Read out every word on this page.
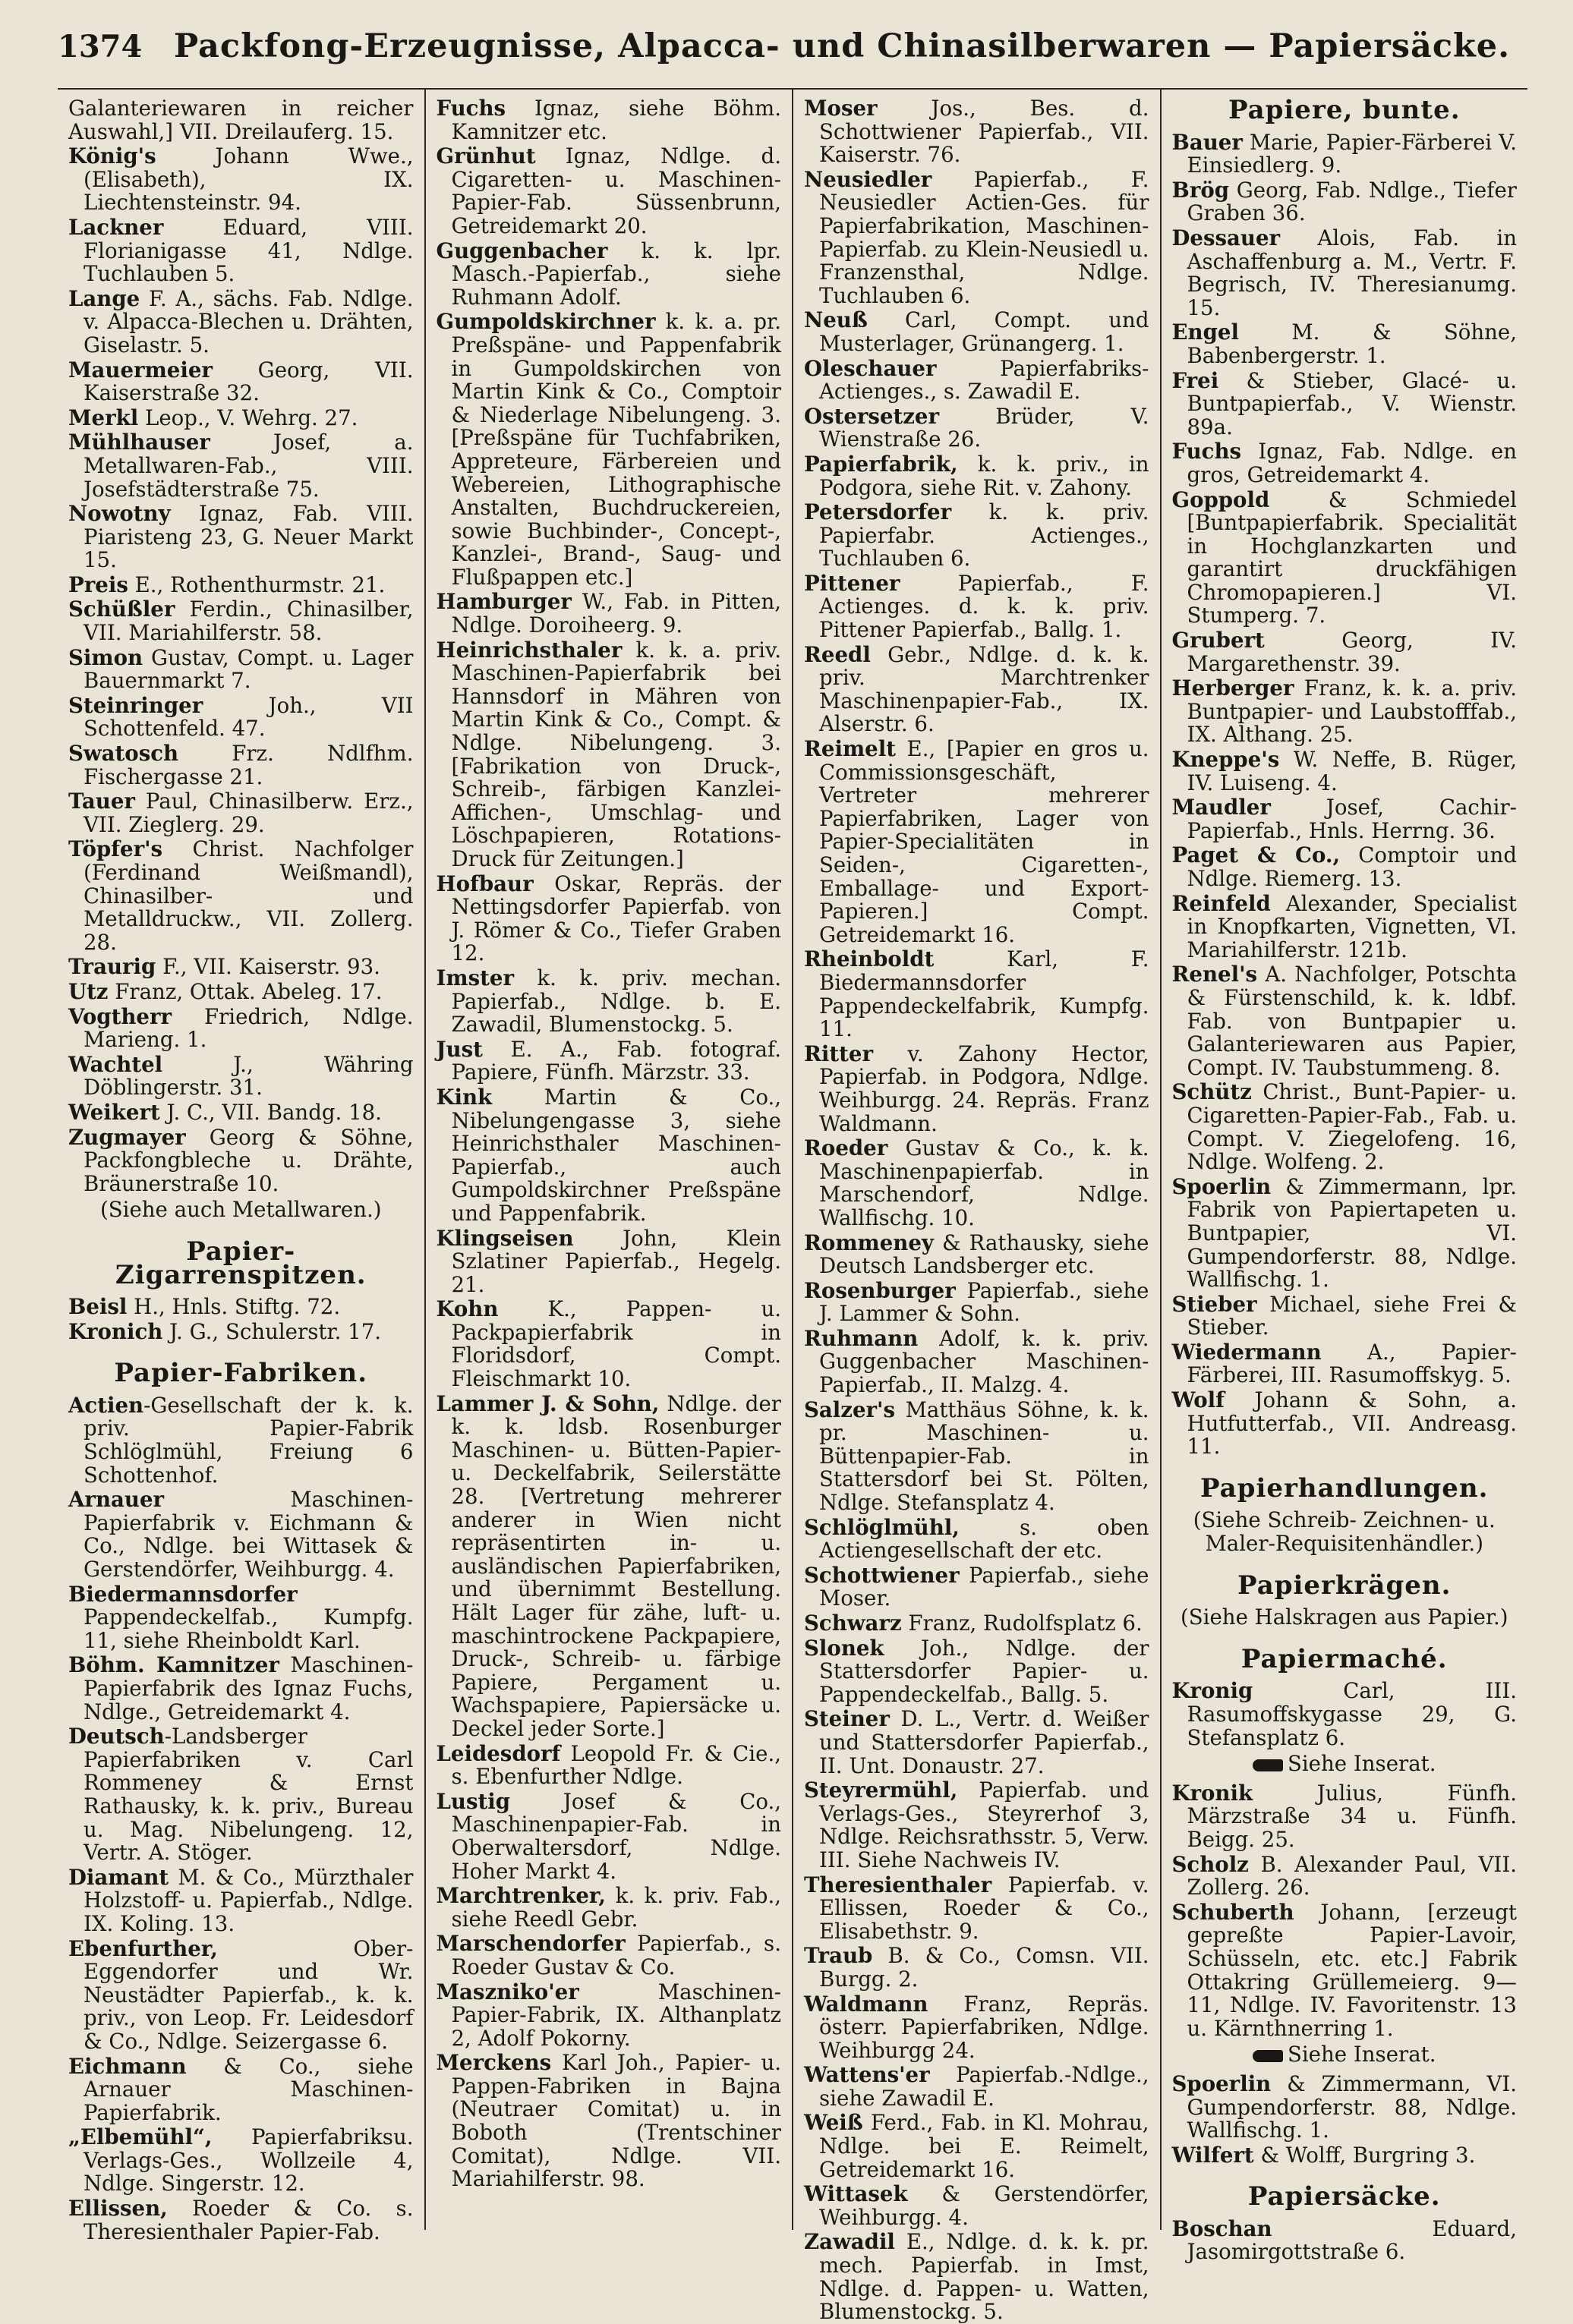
1374 Packfong-Erzeugnisse, Alpacca- und Chinasilberwaren — Papiersäcke.
Galanteriewaren in reicher Auswahl,] VII. Dreilauferg. 15.
König's Johann Wwe., (Elisabeth), IX. Liechtensteinstr. 94.
Lackner Eduard, VIII. Florianigasse 41, Ndlge. Tuchlauben 5.
Lange F. A., sächs. Fab. Ndlge. v. Alpacca-Blechen u. Drähten, Giselastr. 5.
Mauermeier Georg, VII. Kaiserstraße 32.
Merkl Leop., V. Wehrg. 27.
Mühlhauser Josef, a. Metallwaren-Fab., VIII. Josefstädterstraße 75.
Nowotny Ignaz, Fab. VIII. Piaristeng 23, G. Neuer Markt 15.
Preis E., Rothenthurmstr. 21.
Schüßler Ferdin., Chinasilber, VII. Mariahilferstr. 58.
Simon Gustav, Compt. u. Lager Bauernmarkt 7.
Steinringer Joh., VII Schottenfeld. 47.
Swatosch Frz. Ndlfhm. Fischergasse 21.
Tauer Paul, Chinasilberw. Erz., VII. Zieglerg. 29.
Töpfer's Christ. Nachfolger (Ferdinand Weißmandl), Chinasilber- und Metalldruckw., VII. Zollerg. 28.
Traurig F., VII. Kaiserstr. 93.
Utz Franz, Ottak. Abeleg. 17.
Vogtherr Friedrich, Ndlge. Marieng. 1.
Wachtel J., Währing Döblingerstr. 31.
Weikert J. C., VII. Bandg. 18.
Zugmayer Georg & Söhne, Packfongbleche u. Drähte, Bräunerstraße 10.
(Siehe auch Metallwaren.)
Papier-Zigarrenspitzen.
Beisl H., Hnls. Stiftg. 72.
Kronich J. G., Schulerstr. 17.
Papier-Fabriken.
Actien-Gesellschaft der k. k. priv. Papier-Fabrik Schlöglmühl, Freiung 6 Schottenhof.
Arnauer Maschinen-Papierfabrik v. Eichmann & Co., Ndlge. bei Wittasek & Gerstendörfer, Weihburgg. 4.
Biedermannsdorfer Pappendeckelfab., Kumpfg. 11, siehe Rheinboldt Karl.
Böhm. Kamnitzer Maschinen-Papierfabrik des Ignaz Fuchs, Ndlge., Getreidemarkt 4.
Deutsch-Landsberger Papierfabriken v. Carl Rommeney & Ernst Rathausky, k. k. priv., Bureau u. Mag. Nibelungeng. 12, Vertr. A. Stöger.
Diamant M. & Co., Mürzthaler Holzstoff- u. Papierfab., Ndlge. IX. Koling. 13.
Ebenfurther, Ober-Eggendorfer und Wr. Neustädter Papierfab., k. k. priv., von Leop. Fr. Leidesdorf & Co., Ndlge. Seizergasse 6.
Eichmann & Co., siehe Arnauer Maschinen-Papierfabrik.
„Elbemühl“, Papierfabriksu. Verlags-Ges., Wollzeile 4, Ndlge. Singerstr. 12.
Ellissen, Roeder & Co. s. Theresienthaler Papier-Fab.
Fuchs Ignaz, siehe Böhm. Kamnitzer etc.
Grünhut Ignaz, Ndlge. d. Cigaretten- u. Maschinen-Papier-Fab. Süssenbrunn, Getreidemarkt 20.
Guggenbacher k. k. lpr. Masch.-Papierfab., siehe Ruhmann Adolf.
Gumpoldskirchner k. k. a. pr. Preßspäne- und Pappenfabrik in Gumpoldskirchen von Martin Kink & Co., Comptoir & Niederlage Nibelungeng. 3. [Preßspäne für Tuchfabriken, Appreteure, Färbereien und Webereien, Lithographische Anstalten, Buchdruckereien, sowie Buchbinder-, Concept-, Kanzlei-, Brand-, Saug- und Flußpappen etc.]
Hamburger W., Fab. in Pitten, Ndlge. Doroiheerg. 9.
Heinrichsthaler k. k. a. priv. Maschinen-Papierfabrik bei Hannsdorf in Mähren von Martin Kink & Co., Compt. & Ndlge. Nibelungeng. 3. [Fabrikation von Druck-, Schreib-, färbigen Kanzlei-Affichen-, Umschlag- und Löschpapieren, Rotations-Druck für Zeitungen.]
Hofbaur Oskar, Repräs. der Nettingsdorfer Papierfab. von J. Römer & Co., Tiefer Graben 12.
Imster k. k. priv. mechan. Papierfab., Ndlge. b. E. Zawadil, Blumenstockg. 5.
Just E. A., Fab. fotograf. Papiere, Fünfh. Märzstr. 33.
Kink Martin & Co., Nibelungengasse 3, siehe Heinrichsthaler Maschinen-Papierfab., auch Gumpoldskirchner Preßspäne und Pappenfabrik.
Klingseisen John, Klein Szlatiner Papierfab., Hegelg. 21.
Kohn K., Pappen- u. Packpapierfabrik in Floridsdorf, Compt. Fleischmarkt 10.
Lammer J. & Sohn, Ndlge. der k. k. ldsb. Rosenburger Maschinen- u. Bütten-Papier- u. Deckelfabrik, Seilerstätte 28. [Vertretung mehrerer anderer in Wien nicht repräsentirten in- u. ausländischen Papierfabriken, und übernimmt Bestellung. Hält Lager für zähe, luft- u. maschintrockene Packpapiere, Druck-, Schreib- u. färbige Papiere, Pergament u. Wachspapiere, Papiersäcke u. Deckel jeder Sorte.]
Leidesdorf Leopold Fr. & Cie., s. Ebenfurther Ndlge.
Lustig Josef & Co., Maschinenpapier-Fab. in Oberwaltersdorf, Ndlge. Hoher Markt 4.
Marchtrenker, k. k. priv. Fab., siehe Reedl Gebr.
Marschendorfer Papierfab., s. Roeder Gustav & Co.
Maszniko'er Maschinen-Papier-Fabrik, IX. Althanplatz 2, Adolf Pokorny.
Merckens Karl Joh., Papier- u. Pappen-Fabriken in Bajna (Neutraer Comitat) u. in Boboth (Trentschiner Comitat), Ndlge. VII. Mariahilferstr. 98.
Moser Jos., Bes. d. Schottwiener Papierfab., VII. Kaiserstr. 76.
Neusiedler Papierfab., F. Neusiedler Actien-Ges. für Papierfabrikation, Maschinen-Papierfab. zu Klein-Neusiedl u. Franzensthal, Ndlge. Tuchlauben 6.
Neuß Carl, Compt. und Musterlager, Grünangerg. 1.
Oleschauer Papierfabriks-Actienges., s. Zawadil E.
Ostersetzer Brüder, V. Wienstraße 26.
Papierfabrik, k. k. priv., in Podgora, siehe Rit. v. Zahony.
Petersdorfer k. k. priv. Papierfabr. Actienges., Tuchlauben 6.
Pittener Papierfab., F. Actienges. d. k. k. priv. Pittener Papierfab., Ballg. 1.
Reedl Gebr., Ndlge. d. k. k. priv. Marchtrenker Maschinenpapier-Fab., IX. Alserstr. 6.
Reimelt E., [Papier en gros u. Commissionsgeschäft, Vertreter mehrerer Papierfabriken, Lager von Papier-Specialitäten in Seiden-, Cigaretten-, Emballage- und Export-Papieren.] Compt. Getreidemarkt 16.
Rheinboldt Karl, F. Biedermannsdorfer Pappendeckelfabrik, Kumpfg. 11.
Ritter v. Zahony Hector, Papierfab. in Podgora, Ndlge. Weihburgg. 24. Repräs. Franz Waldmann.
Roeder Gustav & Co., k. k. Maschinenpapierfab. in Marschendorf, Ndlge. Wallfischg. 10.
Rommeney & Rathausky, siehe Deutsch Landsberger etc.
Rosenburger Papierfab., siehe J. Lammer & Sohn.
Ruhmann Adolf, k. k. priv. Guggenbacher Maschinen-Papierfab., II. Malzg. 4.
Salzer's Matthäus Söhne, k. k. pr. Maschinen- u. Büttenpapier-Fab. in Stattersdorf bei St. Pölten, Ndlge. Stefansplatz 4.
Schlöglmühl, s. oben Actiengesellschaft der etc.
Schottwiener Papierfab., siehe Moser.
Schwarz Franz, Rudolfsplatz 6.
Slonek Joh., Ndlge. der Stattersdorfer Papier- u. Pappendeckelfab., Ballg. 5.
Steiner D. L., Vertr. d. Weißer und Stattersdorfer Papierfab., II. Unt. Donaustr. 27.
Steyrermühl, Papierfab. und Verlags-Ges., Steyrerhof 3, Ndlge. Reichsrathsstr. 5, Verw. III. Siehe Nachweis IV.
Theresienthaler Papierfab. v. Ellissen, Roeder & Co., Elisabethstr. 9.
Traub B. & Co., Comsn. VII. Burgg. 2.
Waldmann Franz, Repräs. österr. Papierfabriken, Ndlge. Weihburgg 24.
Wattens'er Papierfab.-Ndlge., siehe Zawadil E.
Weiß Ferd., Fab. in Kl. Mohrau, Ndlge. bei E. Reimelt, Getreidemarkt 16.
Wittasek & Gerstendörfer, Weihburgg. 4.
Zawadil E., Ndlge. d. k. k. pr. mech. Papierfab. in Imst, Ndlge. d. Pappen- u. Watten, Blumenstockg. 5.
Papiere, bunte.
Bauer Marie, Papier-Färberei V. Einsiedlerg. 9.
Brög Georg, Fab. Ndlge., Tiefer Graben 36.
Dessauer Alois, Fab. in Aschaffenburg a. M., Vertr. F. Begrisch, IV. Theresianumg. 15.
Engel M. & Söhne, Babenbergerstr. 1.
Frei & Stieber, Glacé- u. Buntpapierfab., V. Wienstr. 89a.
Fuchs Ignaz, Fab. Ndlge. en gros, Getreidemarkt 4.
Goppold & Schmiedel [Buntpapierfabrik. Specialität in Hochglanzkarten und garantirt druckfähigen Chromopapieren.] VI. Stumperg. 7.
Grubert Georg, IV. Margarethenstr. 39.
Herberger Franz, k. k. a. priv. Buntpapier- und Laubstofffab., IX. Althang. 25.
Kneppe's W. Neffe, B. Rüger, IV. Luiseng. 4.
Maudler Josef, Cachir-Papierfab., Hnls. Herrng. 36.
Paget & Co., Comptoir und Ndlge. Riemerg. 13.
Reinfeld Alexander, Specialist in Knopfkarten, Vignetten, VI. Mariahilferstr. 121b.
Renel's A. Nachfolger, Potschta & Fürstenschild, k. k. ldbf. Fab. von Buntpapier u. Galanteriewaren aus Papier, Compt. IV. Taubstummeng. 8.
Schütz Christ., Bunt-Papier- u. Cigaretten-Papier-Fab., Fab. u. Compt. V. Ziegelofeng. 16, Ndlge. Wolfeng. 2.
Spoerlin & Zimmermann, lpr. Fabrik von Papiertapeten u. Buntpapier, VI. Gumpendorferstr. 88, Ndlge. Wallfischg. 1.
Stieber Michael, siehe Frei & Stieber.
Wiedermann A., Papier-Färberei, III. Rasumoffskyg. 5.
Wolf Johann & Sohn, a. Hutfutterfab., VII. Andreasg. 11.
Papierhandlungen.
(Siehe Schreib- Zeichnen- u. Maler-Requisitenhändler.)
Papierkrägen.
(Siehe Halskragen aus Papier.)
Papiermaché.
Kronig Carl, III. Rasumoffskygasse 29, G. Stefansplatz 6.
Siehe Inserat.
Kronik Julius, Fünfh. Märzstraße 34 u. Fünfh. Beigg. 25.
Scholz B. Alexander Paul, VII. Zollerg. 26.
Schuberth Johann, [erzeugt gepreßte Papier-Lavoir, Schüsseln, etc. etc.] Fabrik Ottakring Grüllemeierg. 9—11, Ndlge. IV. Favoritenstr. 13 u. Kärnthnerring 1.
Siehe Inserat.
Spoerlin & Zimmermann, VI. Gumpendorferstr. 88, Ndlge. Wallfischg. 1.
Wilfert & Wolff, Burgring 3.
Papiersäcke.
Boschan Eduard, Jasomirgottstraße 6.
